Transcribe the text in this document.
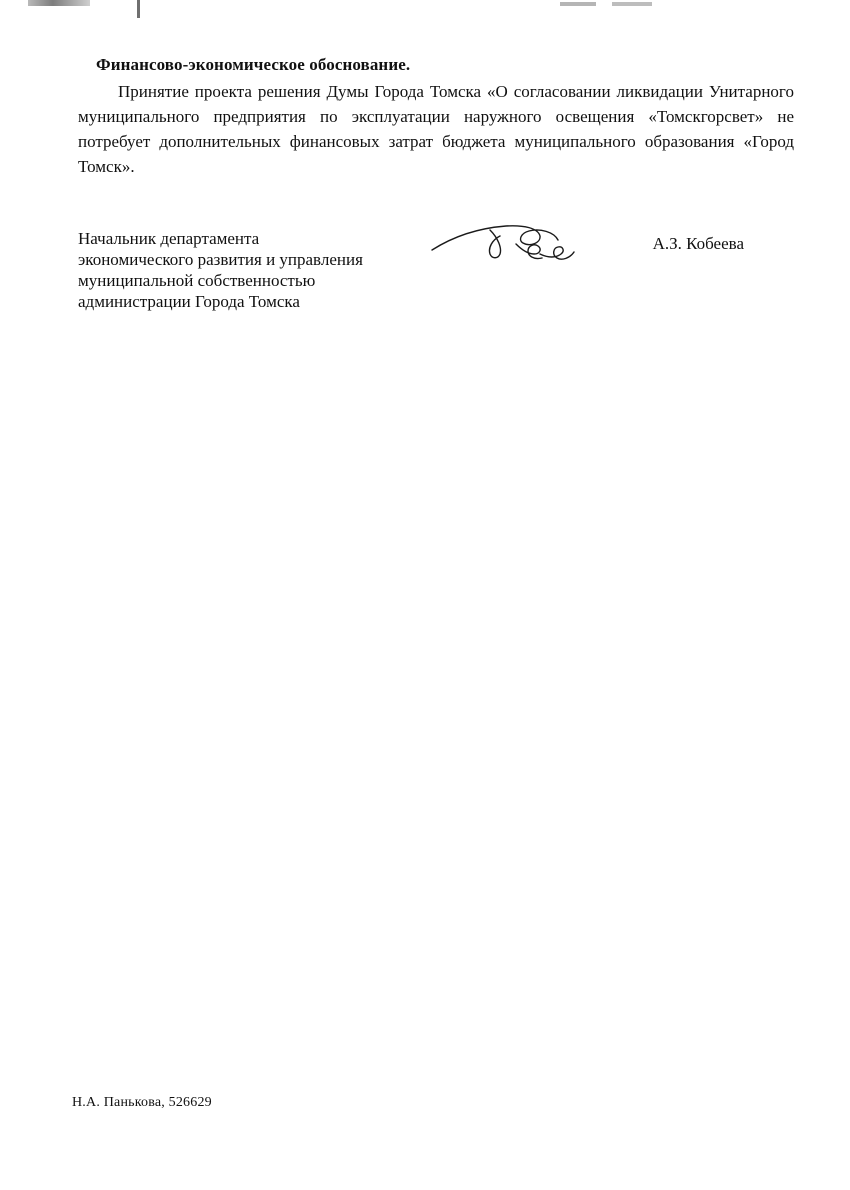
Финансово-экономическое обоснование.

Принятие проекта решения Думы Города Томска «О согласовании ликвидации Унитарного муниципального предприятия по эксплуатации наружного освещения «Томскгорсвет» не потребует дополнительных финансовых затрат бюджета муниципального образования «Город Томск».

Начальник департамента
экономического развития и управления
муниципальной собственностью
администрации Города Томска
А.З. Кобеева
Н.А. Панькова, 526629
